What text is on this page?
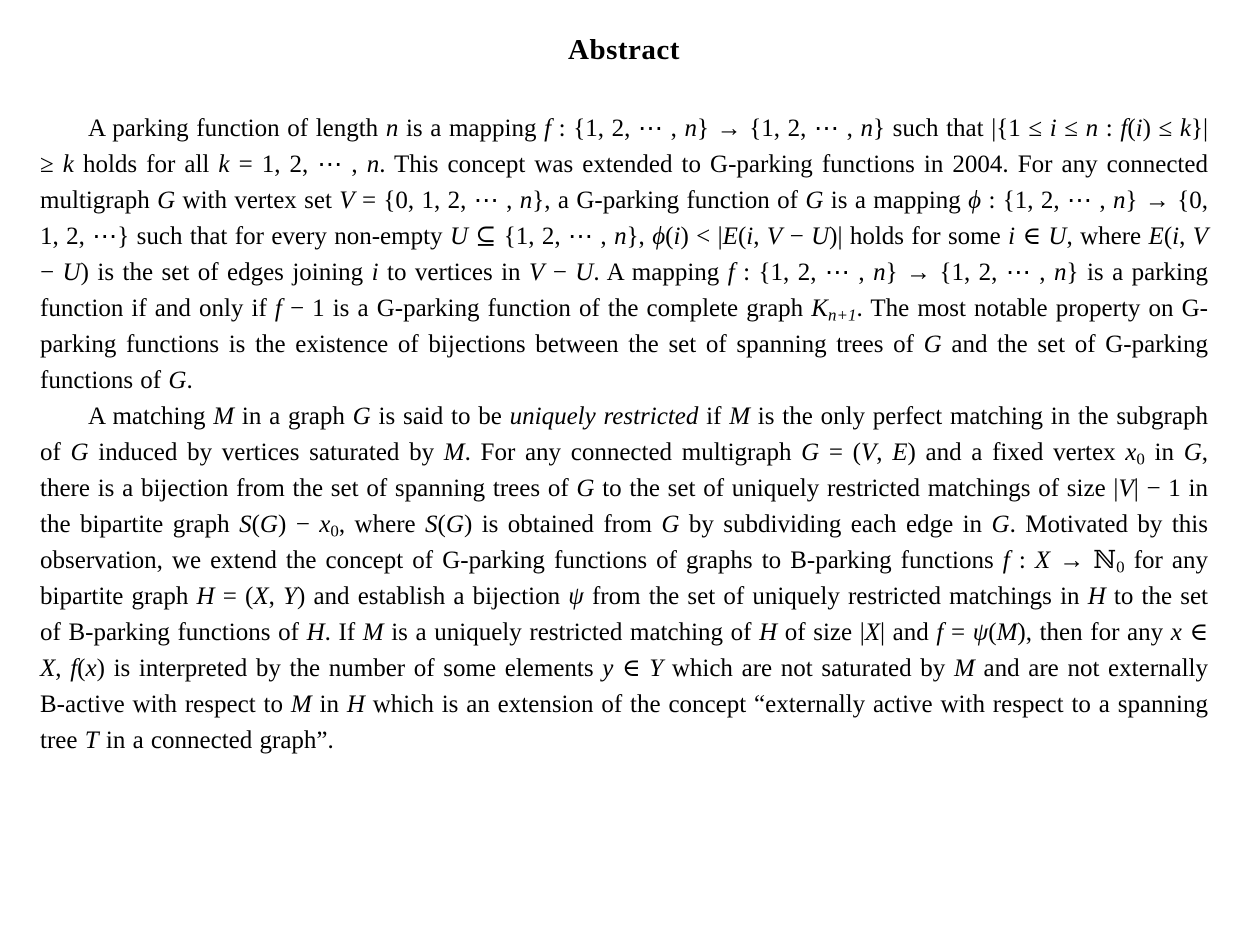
Abstract

A parking function of length n is a mapping f : {1, 2, ⋯ , n} → {1, 2, ⋯ , n} such that |{1 ≤ i ≤ n : f(i) ≤ k}| ≥ k holds for all k = 1, 2, ⋯ , n. This concept was extended to G-parking functions in 2004. For any connected multigraph G with vertex set V = {0, 1, 2, ⋯ , n}, a G-parking function of G is a mapping ϕ : {1, 2, ⋯ , n} → {0, 1, 2, ⋯} such that for every non-empty U ⊆ {1, 2, ⋯ , n}, ϕ(i) < |E(i, V − U)| holds for some i ∈ U, where E(i, V − U) is the set of edges joining i to vertices in V − U. A mapping f : {1, 2, ⋯ , n} → {1, 2, ⋯ , n} is a parking function if and only if f − 1 is a G-parking function of the complete graph $K_{n+1}$. The most notable property on G-parking functions is the existence of bijections between the set of spanning trees of G and the set of G-parking functions of G.

A matching M in a graph G is said to be uniquely restricted if M is the only perfect matching in the subgraph of G induced by vertices saturated by M. For any connected multigraph G = (V, E) and a fixed vertex $x_0$ in G, there is a bijection from the set of spanning trees of G to the set of uniquely restricted matchings of size |V| − 1 in the bipartite graph $S(G) - x_0$, where S(G) is obtained from G by subdividing each edge in G. Motivated by this observation, we extend the concept of G-parking functions of graphs to B-parking functions f : X → ℕ$_0$ for any bipartite graph H = (X, Y) and establish a bijection ψ from the set of uniquely restricted matchings in H to the set of B-parking functions of H. If M is a uniquely restricted matching of H of size |X| and f = ψ(M), then for any x ∈ X, f(x) is interpreted by the number of some elements y ∈ Y which are not saturated by M and are not externally B-active with respect to M in H which is an extension of the concept “externally active with respect to a spanning tree T in a connected graph”.
